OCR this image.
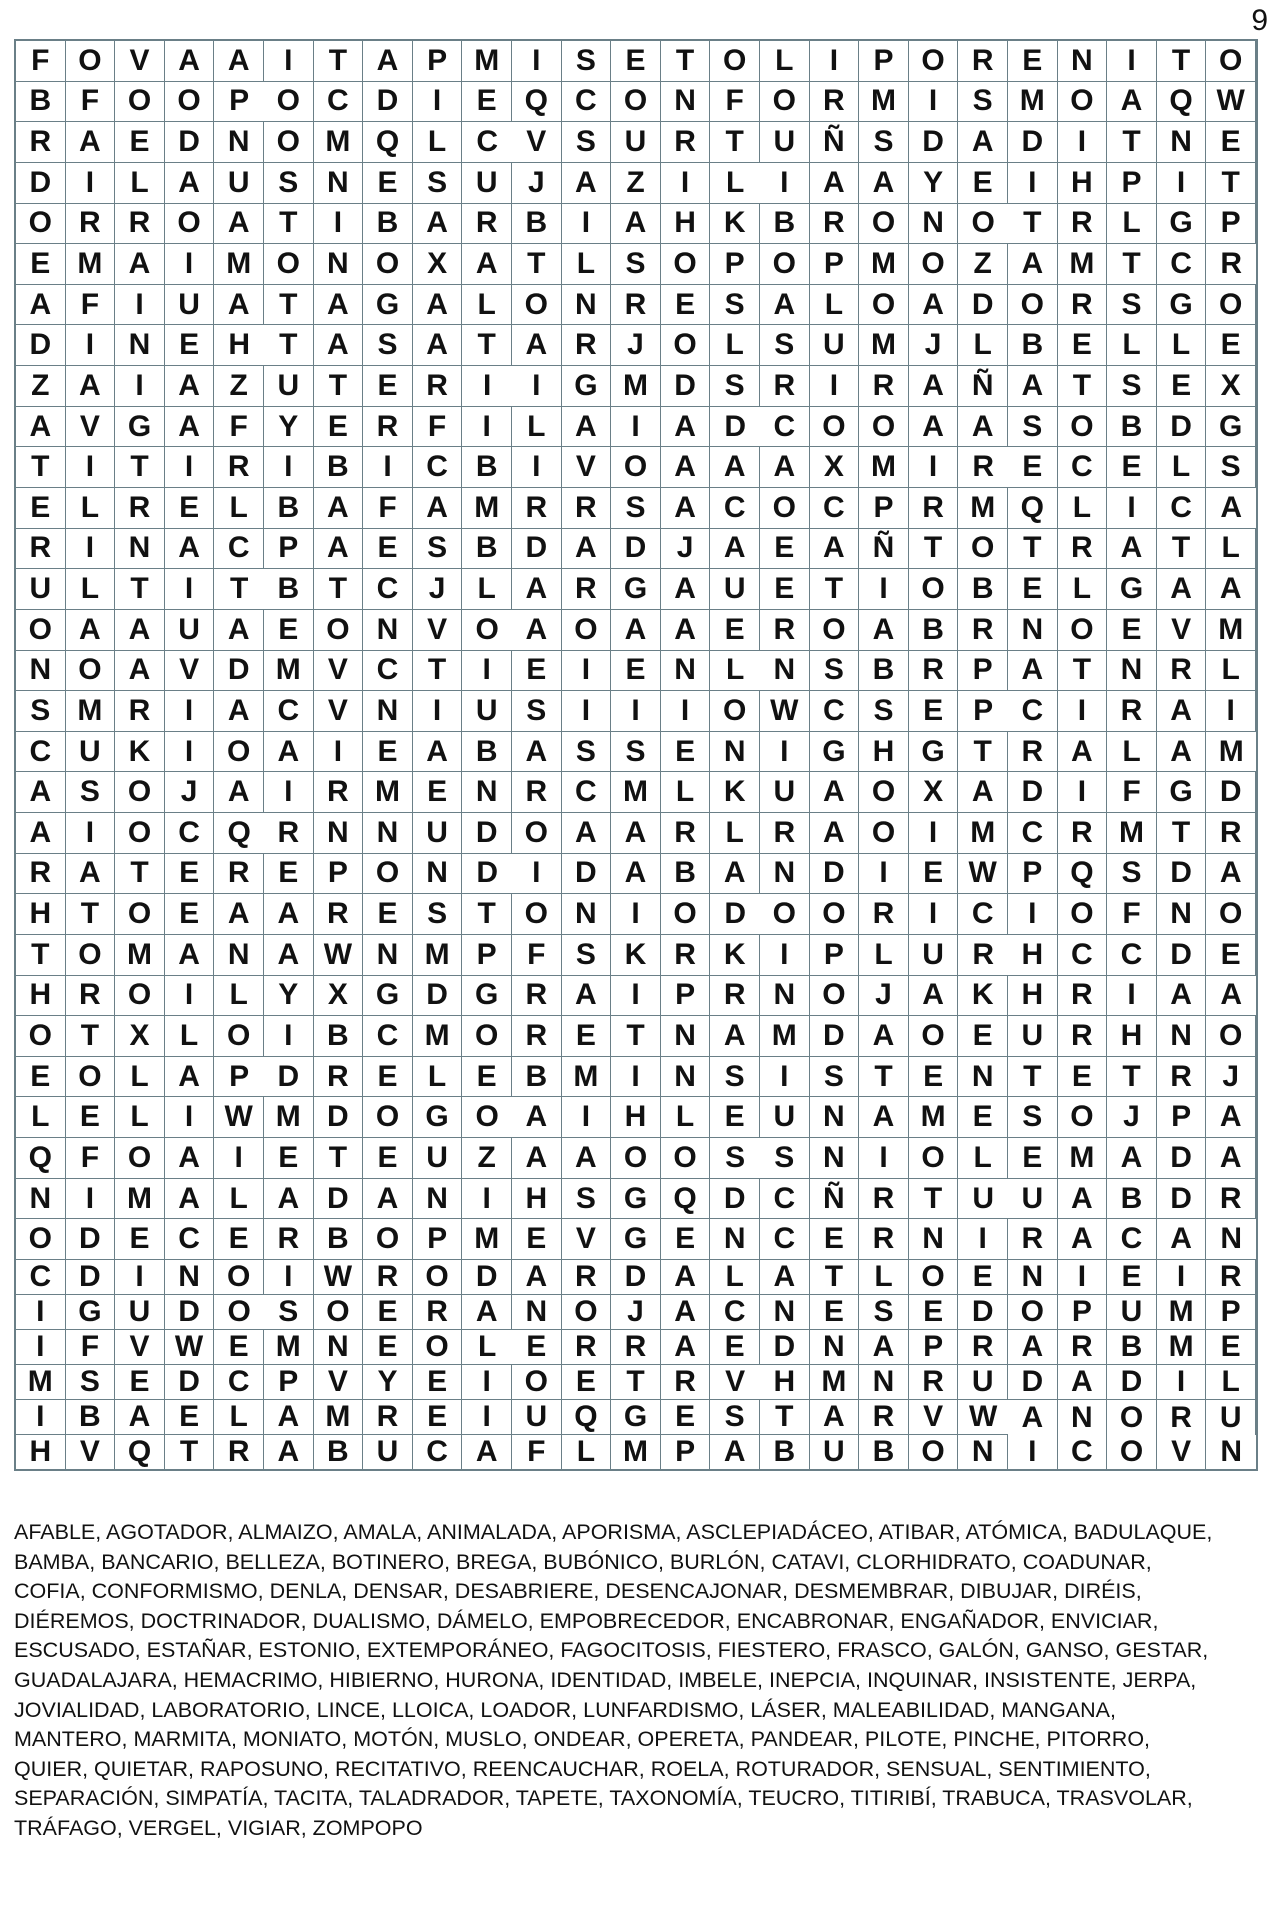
9
F O V A A	I	T A P M	I	S E	T O L	I	P O R E N	I	T O
B F O O P O C D	I	E Q C O N F O R M	I	S M O A Q W
R A E D N O M Q L	C V S U R T U Ñ S D A D	I	T N E
D	I	L A U S N E S U	J	A Z	I	L	I	A A Y E	I	H P	I	T
O R R O A T	I	B A R B	I	A H K B R O N O T R L G P
E M A	I	M O N O X A T	L	S O P O P M O Z A M T C R
A F	I	U A T A G A L O N R E S A L O A D O R S G O
D	I	N E H T A S A T A R	J O L	S U M J	L B E	L	L	E
Z A	I	A Z U T	E R	I	I	G M D S R	I	R A Ñ A T	S E X
A V G A F	Y E R F	I	L A	I	A D C O O A A S O B D G
T	I	T	I	R	I	B	I	C B	I	V O A A A X M	I	R E C E	L	S
E	L R E	L B A F A M R R S A C O C P R M Q L	I	C A
R	I	N A C P A E S B D A D	J	A E A Ñ T O T R A T	L
U L	T	I	T B T C	J	L A R G A U E	T	I	O B E	L G A A
O A A U A E O N V O A O A A E R O A B R N O E V M
N O A V D M V C T	I	E	I	E N	L N S B R P A T N R L
S M R	I	A C V N	I	U S	I	I	I	O W C S E	P C	I	R A	I
C U K	I	O A	I	E A B A S S E N	I	G H G T R A L A M
A S O J	A	I	R M E N R C M L K U A O X A D	I	F G D
A	I	O C Q R N N U D O A A R L R A O	I	M C R M T R
R A T	E R E P O N D	I	D A B A N D	I	E W P Q S D A
H T O E A A R E S	T O N	I	O D O O R	I	C	I	O F N O
T O M A N A W N M P	F	S K R K	I	P	L U R H C C D E
H R O	I	L	Y X G D G R A	I	P R N O J	A K H R	I	A A
O T	X	L O	I	B C M O R E	T N A M D A O E U R H N O
E O L A P D R E	L	E B M	I	N S	I	S	T	E N T	E	T R	J
L	E	L	I	W M D O G O A	I	H L	E U N A M E S O J	P A
Q F O A	I	E	T	E U Z A A O O S S N	I	O L	E M A D A
N	I	M A L A D A N	I	H S G Q D C Ñ R T	U U A B D R
O D E C E R B O P M E V G E N C E R N	I	R A C A N
C D	I	N O	I	W R O D A R D A L A T	L O E N	I	E	I	R
I	G U D O S O E R A N O J	A C N E S E D O P U M P
I	F	V W E M N E O L E R R A E D N A P R A R B M E
M S E D C P V Y E	I	O E	T R V H M N R U D A D	I	L
I	B A E	L A M R E	I	U Q G E S	T A R V W A N O R U
H V Q T R A B U C A F	L M P A B U B O N	I	C O V N
AFABLE, AGOTADOR, ALMAIZO, AMALA, ANIMALADA, APORISMA, ASCLEPIADÁCEO, ATIBAR, ATÓMICA, BADULAQUE,
BAMBA, BANCARIO, BELLEZA, BOTINERO, BREGA, BUBÓNICO, BURLÓN, CATAVI, CLORHIDRATO, COADUNAR,
COFIA, CONFORMISMO, DENLA, DENSAR, DESABRIERE, DESENCAJONAR, DESMEMBRAR, DIBUJAR, DIRÉIS,
DIÉREMOS, DOCTRINADOR, DUALISMO, DÁMELO, EMPOBRECEDOR, ENCABRONAR, ENGAÑADOR, ENVICIAR,
ESCUSADO, ESTAÑAR, ESTONIO, EXTEMPORÁNEO, FAGOCITOSIS, FIESTERO, FRASCO, GALÓN, GANSO, GESTAR,
GUADALAJARA, HEMACRIMO, HIBIERNO, HURONA, IDENTIDAD, IMBELE, INEPCIA, INQUINAR, INSISTENTE, JERPA,
JOVIALIDAD, LABORATORIO, LINCE, LLOICA, LOADOR, LUNFARDISMO, LÁSER, MALEABILIDAD, MANGANA,
MANTERO, MARMITA, MONIATO, MOTÓN, MUSLO, ONDEAR, OPERETA, PANDEAR, PILOTE, PINCHE, PITORRO,
QUIER, QUIETAR, RAPOSUNO, RECITATIVO, REENCAUCHAR, ROELA, ROTURADOR, SENSUAL, SENTIMIENTO,
SEPARACIÓN, SIMPATÍA, TACITA, TALADRADOR, TAPETE, TAXONOMÍA, TEUCRO, TITIRIBÍ, TRABUCA, TRASVOLAR,
TRÁFAGO, VERGEL, VIGIAR, ZOMPOPO
